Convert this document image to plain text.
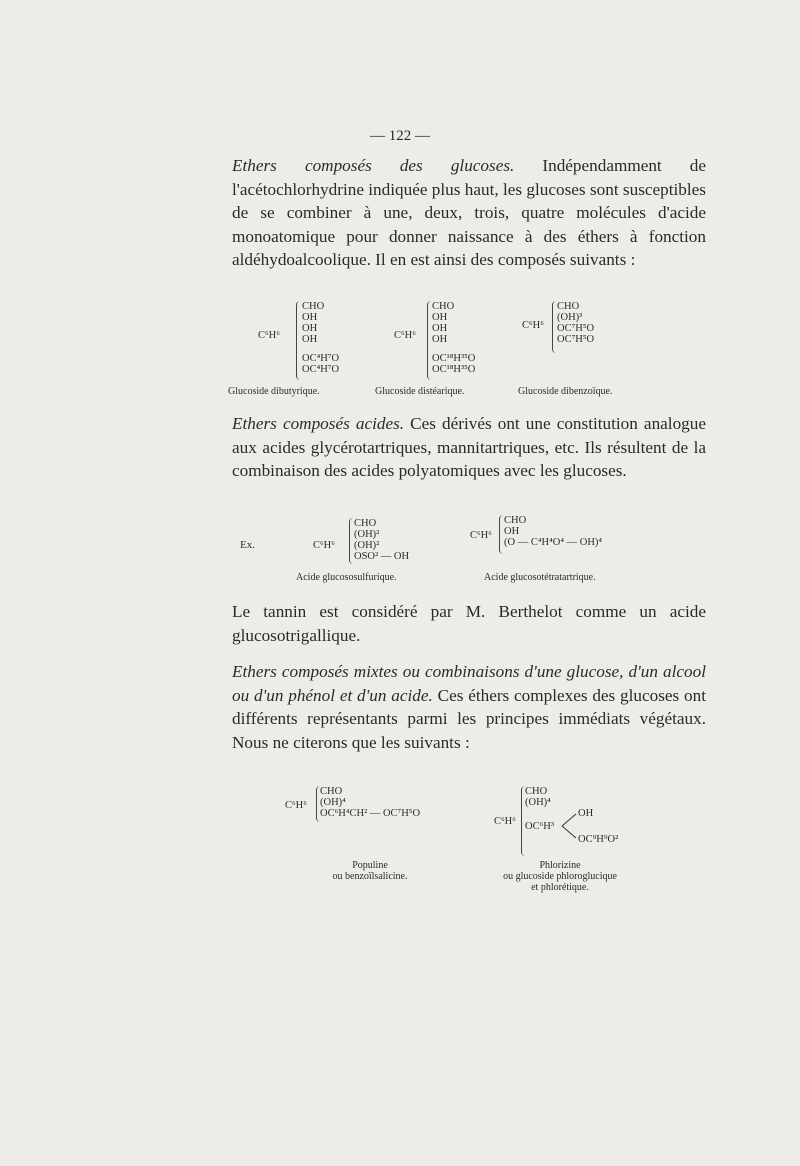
— 122 —
Ethers composés des glucoses. Indépendamment de l'acétochlorhydrine indiquée plus haut, les glucoses sont susceptibles de se combiner à une, deux, trois, quatre molécules d'acide monoatomique pour donner naissance à des éthers à fonction aldéhydoalcoolique. Il en est ainsi des composés suivants :
C⁶H⁶
CHO
OH
OH
OH
OC⁴H⁷O
OC⁴H⁷O
Glucoside dibutyrique.
C⁶H⁶
CHO
OH
OH
OH
OC¹⁸H³⁵O
OC¹⁸H³⁵O
Glucoside distéarique.
C⁶H⁶
CHO
(OH)³
OC⁷H⁵O
OC⁷H⁵O
Glucoside dibenzoïque.
Ethers composés acides. Ces dérivés ont une constitution analogue aux acides glycérotartriques, mannitartriques, etc. Ils résultent de la combinaison des acides polyatomiques avec les glucoses.
Ex.	C⁶H⁶
CHO
(OH)²
(OH)²
OSO² — OH
Acide glucososulfurique.
C⁶H⁶
CHO
OH
(O — C⁴H⁴O⁴ — OH)⁴
Acide glucosotétratartrique.
Le tannin est considéré par M. Berthelot comme un acide glucosotrigallique.
Ethers composés mixtes ou combinaisons d'une glucose, d'un alcool ou d'un phénol et d'un acide. Ces éthers complexes des glucoses ont différents représentants parmi les principes immédiats végétaux. Nous ne citerons que les suivants :
C⁶H⁶
CHO
(OH)⁴
OC⁶H⁴CH² — OC⁷H⁵O
Populine
ou benzoïlsalicine.
C⁶H⁶
CHO
(OH)⁴
OC⁶H³
OH
OC⁹H⁹O²
Phlorizine
ou glucoside phloroglucique
et phlorétique.
